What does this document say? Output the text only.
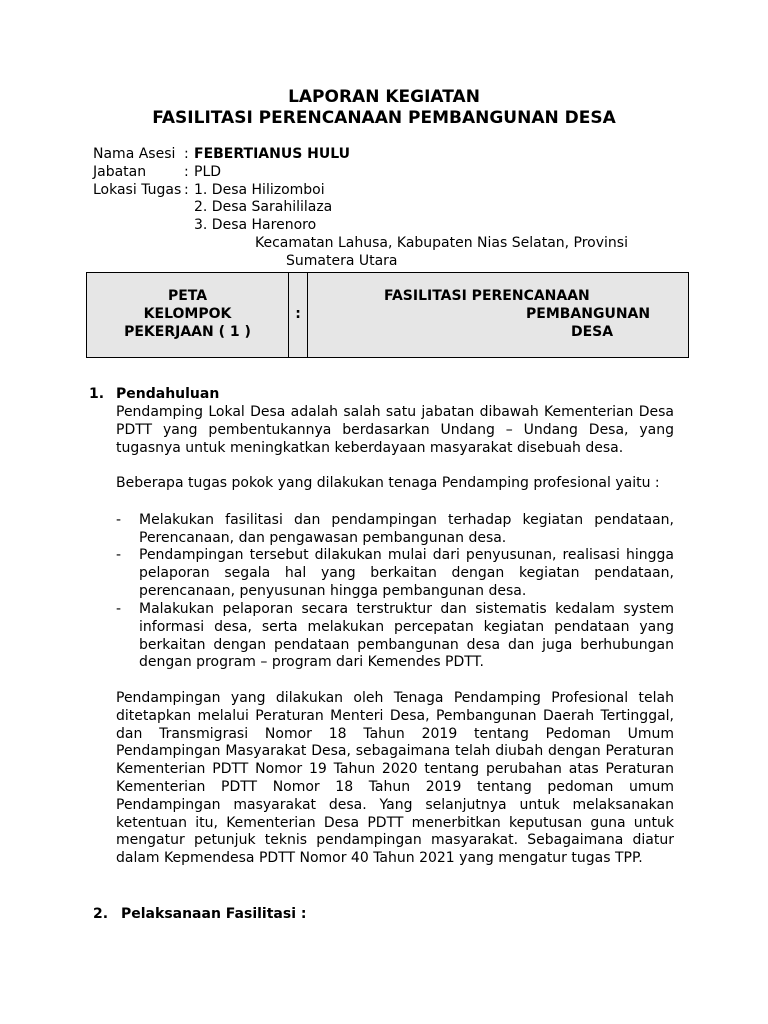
LAPORAN KEGIATAN
FASILITASI PERENCANAAN PEMBANGUNAN DESA
Nama Asesi : FEBERTIANUS HULU
Jabatan	: PLD
Lokasi Tugas : 1. Desa Hilizomboi
2. Desa Sarahililaza
3. Desa Harenoro
Kecamatan Lahusa, Kabupaten Nias Selatan, Provinsi
Sumatera Utara
PETA
KELOMPOK
PEKERJAAN ( 1 )
:
FASILITASI PERENCANAAN
PEMBANGUNAN
DESA
1. Pendahuluan
Pendamping Lokal Desa adalah salah satu jabatan dibawah Kementerian Desa PDTT yang pembentukannya berdasarkan Undang – Undang Desa, yang tugasnya untuk meningkatkan keberdayaan masyarakat disebuah desa.
Beberapa tugas pokok yang dilakukan tenaga Pendamping profesional yaitu :
- Melakukan fasilitasi dan pendampingan terhadap kegiatan pendataan, Perencanaan, dan pengawasan pembangunan desa.
- Pendampingan tersebut dilakukan mulai dari penyusunan, realisasi hingga pelaporan segala hal yang berkaitan dengan kegiatan pendataan, perencanaan, penyusunan hingga pembangunan desa.
- Malakukan pelaporan secara terstruktur dan sistematis kedalam system informasi desa, serta melakukan percepatan kegiatan pendataan yang berkaitan dengan pendataan pembangunan desa dan juga berhubungan dengan program – program dari Kemendes PDTT.
Pendampingan yang dilakukan oleh Tenaga Pendamping Profesional telah ditetapkan melalui Peraturan Menteri Desa, Pembangunan Daerah Tertinggal, dan Transmigrasi Nomor 18 Tahun 2019 tentang Pedoman Umum Pendampingan Masyarakat Desa, sebagaimana telah diubah dengan Peraturan Kementerian PDTT Nomor 19 Tahun 2020 tentang perubahan atas Peraturan Kementerian PDTT Nomor 18 Tahun 2019 tentang pedoman umum Pendampingan masyarakat desa. Yang selanjutnya untuk melaksanakan ketentuan itu, Kementerian Desa PDTT menerbitkan keputusan guna untuk mengatur petunjuk teknis pendampingan masyarakat. Sebagaimana diatur dalam Kepmendesa PDTT Nomor 40 Tahun 2021 yang mengatur tugas TPP.
2. Pelaksanaan Fasilitasi :
